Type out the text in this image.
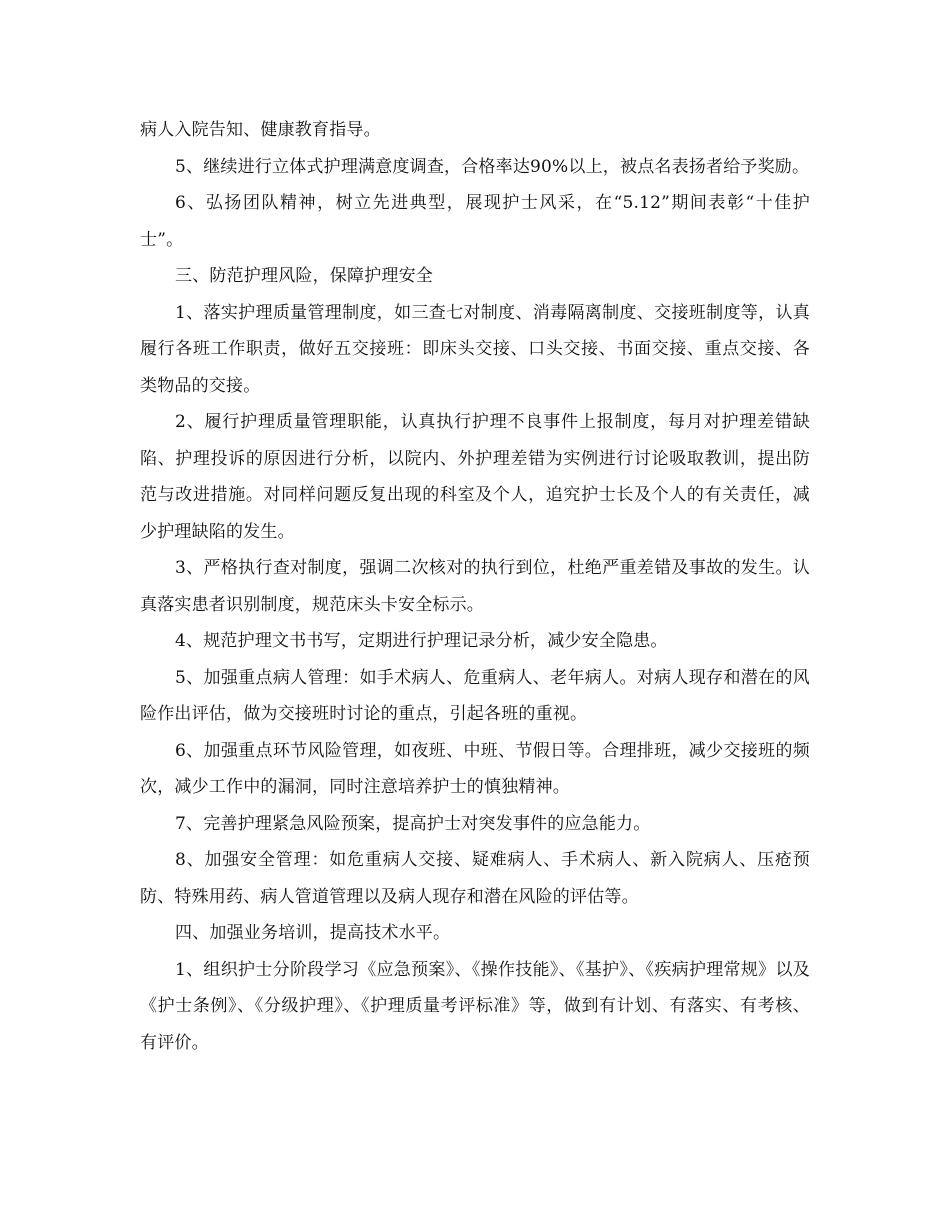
病人入院告知、健康教育指导。

5、继续进行立体式护理满意度调查，合格率达90%以上，被点名表扬者给予奖励。

6、弘扬团队精神，树立先进典型，展现护士风采，在“5.12”期间表彰“十佳护士”。

三、防范护理风险，保障护理安全

1、落实护理质量管理制度，如三查七对制度、消毒隔离制度、交接班制度等，认真履行各班工作职责，做好五交接班：即床头交接、口头交接、书面交接、重点交接、各类物品的交接。

2、履行护理质量管理职能，认真执行护理不良事件上报制度，每月对护理差错缺陷、护理投诉的原因进行分析，以院内、外护理差错为实例进行讨论吸取教训，提出防范与改进措施。对同样问题反复出现的科室及个人，追究护士长及个人的有关责任，减少护理缺陷的发生。

3、严格执行查对制度，强调二次核对的执行到位，杜绝严重差错及事故的发生。认真落实患者识别制度，规范床头卡安全标示。

4、规范护理文书书写，定期进行护理记录分析，减少安全隐患。

5、加强重点病人管理：如手术病人、危重病人、老年病人。对病人现存和潜在的风险作出评估，做为交接班时讨论的重点，引起各班的重视。

6、加强重点环节风险管理，如夜班、中班、节假日等。合理排班，减少交接班的频次，减少工作中的漏洞，同时注意培养护士的慎独精神。

7、完善护理紧急风险预案，提高护士对突发事件的应急能力。

8、加强安全管理：如危重病人交接、疑难病人、手术病人、新入院病人、压疮预防、特殊用药、病人管道管理以及病人现存和潜在风险的评估等。

四、加强业务培训，提高技术水平。

1、组织护士分阶段学习《应急预案》、《操作技能》、《基护》、《疾病护理常规》以及《护士条例》、《分级护理》、《护理质量考评标准》等，做到有计划、有落实、有考核、有评价。
